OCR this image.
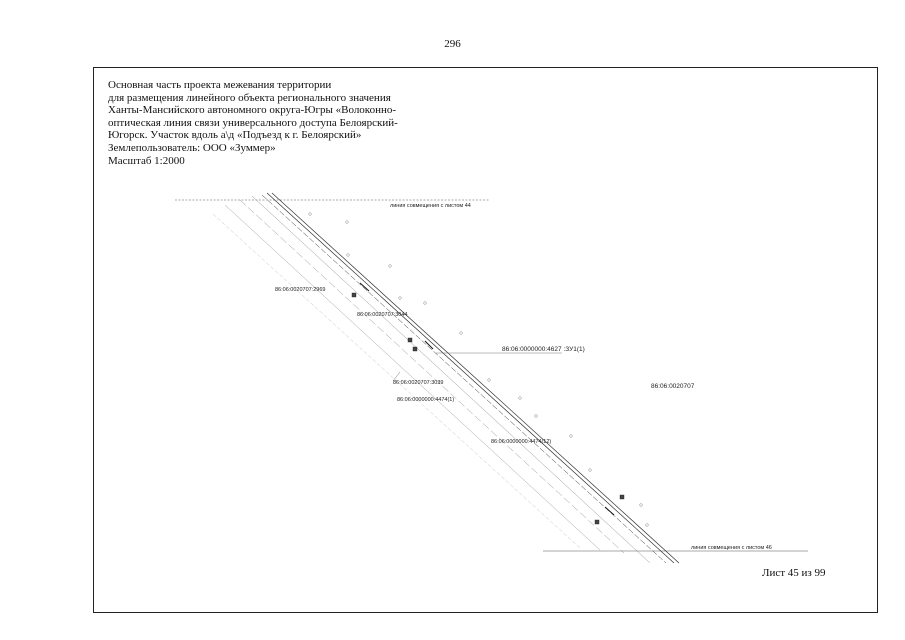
296
Основная часть проекта межевания территории
для размещения линейного объекта регионального значения
Ханты-Мансийского автономного округа-Югры «Волоконно-
оптическая линия связи универсального доступа Белоярский-
Югорск. Участок вдоль а\д «Подъезд к г. Белоярский»
Землепользователь: ООО «Зуммер»
Масштаб 1:2000
линия совмещения с листом 44
линия совмещения с листом 46
86:06:0020707:2969
86:06:0020707:3044
86:06:0000000:4627 :ЗУ1(1)
86:06:0020707:3039
86:06:0000000:4474(1)
86:06:0000000:4474(12)
86:06:0020707
Лист 45 из 99
